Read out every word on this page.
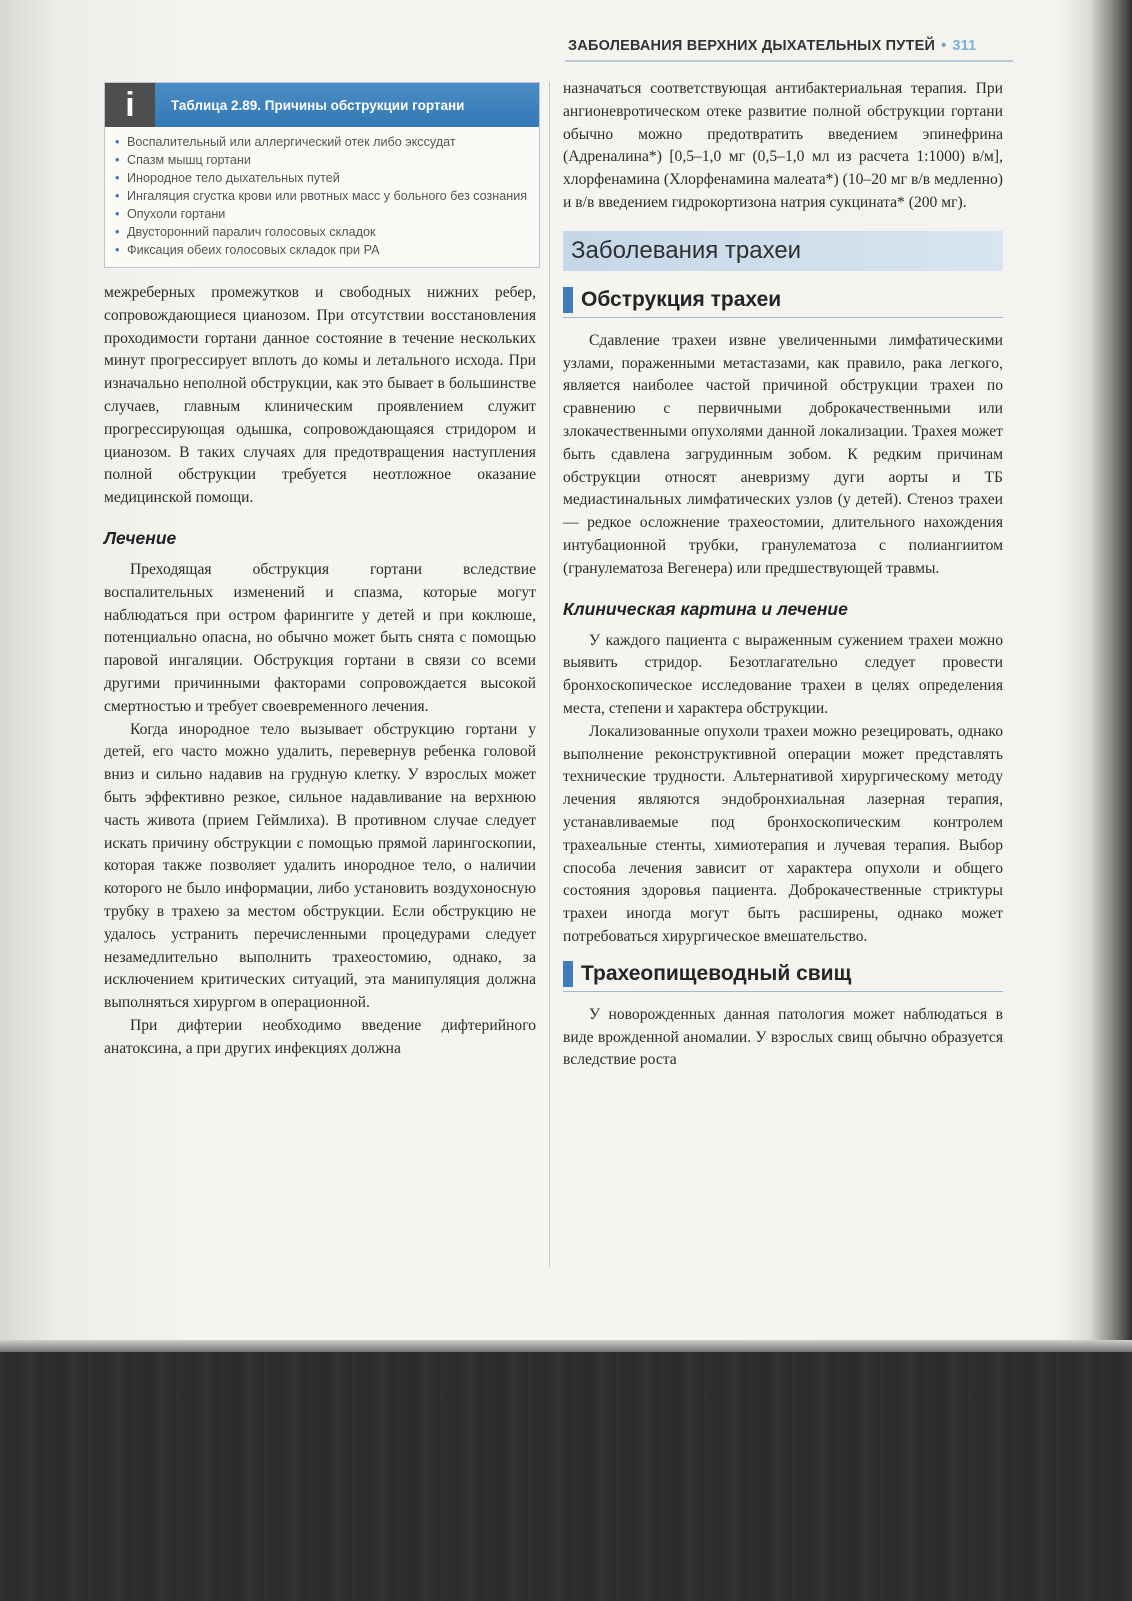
ЗАБОЛЕВАНИЯ ВЕРХНИХ ДЫХАТЕЛЬНЫХ ПУТЕЙ • 311
i	Таблица 2.89. Причины обструкции гортани
• Воспалительный или аллергический отек либо экссудат
• Спазм мышц гортани
• Инородное тело дыхательных путей
• Ингаляция сгустка крови или рвотных масс у больного без сознания
• Опухоли гортани
• Двусторонний паралич голосовых складок
• Фиксация обеих голосовых складок при РА

межреберных промежутков и свободных нижних ребер, сопровождающиеся цианозом. При отсутствии восстановления проходимости гортани данное состояние в течение нескольких минут прогрессирует вплоть до комы и летального исхода. При изначально неполной обструкции, как это бывает в большинстве случаев, главным клиническим проявлением служит прогрессирующая одышка, сопровождающаяся стридором и цианозом. В таких случаях для предотвращения наступления полной обструкции требуется неотложное оказание медицинской помощи.

Лечение

Преходящая обструкция гортани вследствие воспалительных изменений и спазма, которые могут наблюдаться при остром фарингите у детей и при коклюше, потенциально опасна, но обычно может быть снята с помощью паровой ингаляции. Обструкция гортани в связи со всеми другими причинными факторами сопровождается высокой смертностью и требует своевременного лечения.

Когда инородное тело вызывает обструкцию гортани у детей, его часто можно удалить, перевернув ребенка головой вниз и сильно надавив на грудную клетку. У взрослых может быть эффективно резкое, сильное надавливание на верхнюю часть живота (прием Геймлиха). В противном случае следует искать причину обструкции с помощью прямой ларингоскопии, которая также позволяет удалить инородное тело, о наличии которого не было информации, либо установить воздухоносную трубку в трахею за местом обструкции. Если обструкцию не удалось устранить перечисленными процедурами следует незамедлительно выполнить трахеостомию, однако, за исключением критических ситуаций, эта манипуляция должна выполняться хирургом в операционной.

При дифтерии необходимо введение дифтерийного анатоксина, а при других инфекциях должна

назначаться соответствующая антибактериальная терапия. При ангионевротическом отеке развитие полной обструкции гортани обычно можно предотвратить введением эпинефрина (Адреналина*) [0,5–1,0 мг (0,5–1,0 мл из расчета 1:1000) в/м], хлорфенамина (Хлорфенамина малеата*) (10–20 мг в/в медленно) и в/в введением гидрокортизона натрия сукцината* (200 мг).

Заболевания трахеи
Обструкция трахеи

Сдавление трахеи извне увеличенными лимфатическими узлами, пораженными метастазами, как правило, рака легкого, является наиболее частой причиной обструкции трахеи по сравнению с первичными доброкачественными или злокачественными опухолями данной локализации. Трахея может быть сдавлена загрудинным зобом. К редким причинам обструкции относят аневризму дуги аорты и ТБ медиастинальных лимфатических узлов (у детей). Стеноз трахеи — редкое осложнение трахеостомии, длительного нахождения интубационной трубки, гранулематоза с полиангиитом (гранулематоза Вегенера) или предшествующей травмы.

Клиническая картина и лечение

У каждого пациента с выраженным сужением трахеи можно выявить стридор. Безотлагательно следует провести бронхоскопическое исследование трахеи в целях определения места, степени и характера обструкции.

Локализованные опухоли трахеи можно резецировать, однако выполнение реконструктивной операции может представлять технические трудности. Альтернативой хирургическому методу лечения являются эндобронхиальная лазерная терапия, устанавливаемые под бронхоскопическим контролем трахеальные стенты, химиотерапия и лучевая терапия. Выбор способа лечения зависит от характера опухоли и общего состояния здоровья пациента. Доброкачественные стриктуры трахеи иногда могут быть расширены, однако может потребоваться хирургическое вмешательство.

Трахеопищеводный свищ

У новорожденных данная патология может наблюдаться в виде врожденной аномалии. У взрослых свищ обычно образуется вследствие роста
